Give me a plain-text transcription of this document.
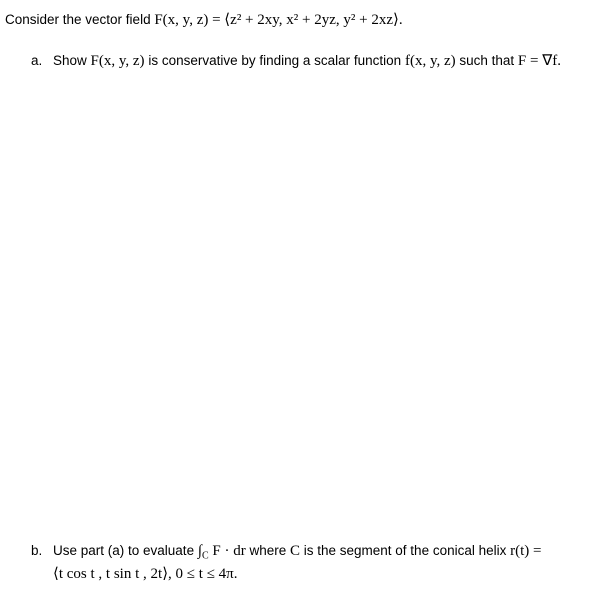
Consider the vector field F(x, y, z) = ⟨z² + 2xy, x² + 2yz, y² + 2xz⟩.
a. Show F(x, y, z) is conservative by finding a scalar function f(x, y, z) such that F = ∇f.
b. Use part (a) to evaluate $\int_C$ F · dr where C is the segment of the conical helix r(t) =
⟨t cos t , t sin t , 2t⟩, 0 ≤ t ≤ 4π.
